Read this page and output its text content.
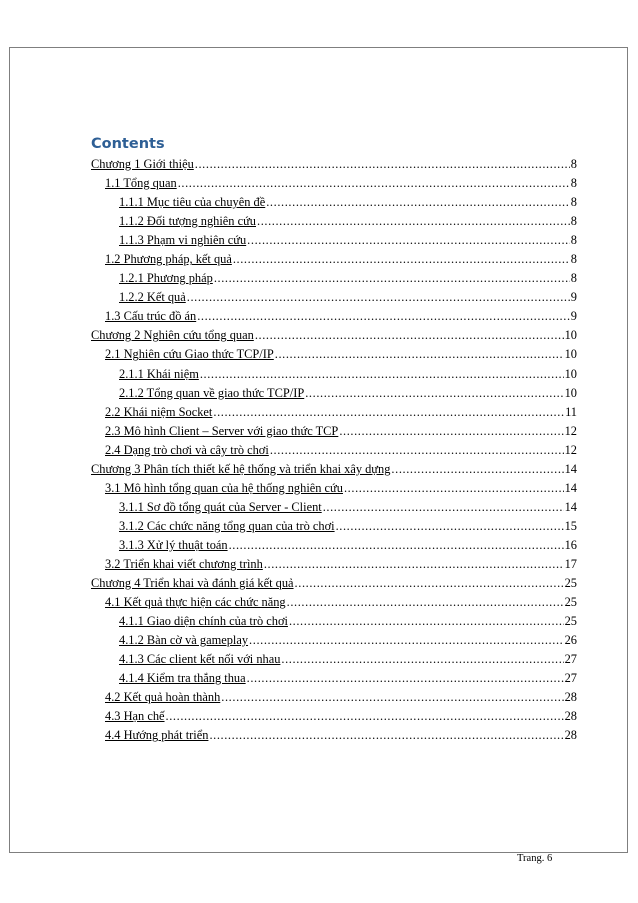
Contents
Chương 1 Giới thiệu .....	8
1.1 Tổng quan .....	8
1.1.1 Mục tiêu của chuyên đề .....	8
1.1.2 Đối tượng nghiên cứu .....	8
1.1.3 Phạm vi nghiên cứu .....	8
1.2 Phương pháp, kết quả .....	8
1.2.1 Phương pháp .....	8
1.2.2 Kết quả .....	9
1.3 Cấu trúc đồ án .....	9
Chương 2 Nghiên cứu tổng quan .....	10
2.1 Nghiên cứu Giao thức TCP/IP .....	10
2.1.1 Khái niệm .....	10
2.1.2 Tổng quan về giao thức TCP/IP .....	10
2.2 Khái niệm Socket .....	11
2.3 Mô hình Client – Server với giao thức TCP .....	12
2.4 Dạng trò chơi và cây trò chơi .....	12
Chương 3 Phân tích thiết kế hệ thống và triển khai xây dựng .....	14
3.1 Mô hình tổng quan của hệ thống nghiên cứu .....	14
3.1.1 Sơ đồ tổng quát của Server - Client .....	14
3.1.2 Các chức năng tổng quan của trò chơi .....	15
3.1.3 Xử lý thuật toán .....	16
3.2 Triển khai viết chương trình .....	17
Chương 4 Triển khai và đánh giá kết quả .....	25
4.1 Kết quả thực hiện các chức năng .....	25
4.1.1 Giao diện chính của trò chơi .....	25
4.1.2 Bàn cờ và gameplay .....	26
4.1.3 Các client kết nối với nhau .....	27
4.1.4 Kiểm tra thắng thua .....	27
4.2 Kết quả hoàn thành .....	28
4.3 Hạn chế .....	28
4.4 Hướng phát triển .....	28
Trang. 6
